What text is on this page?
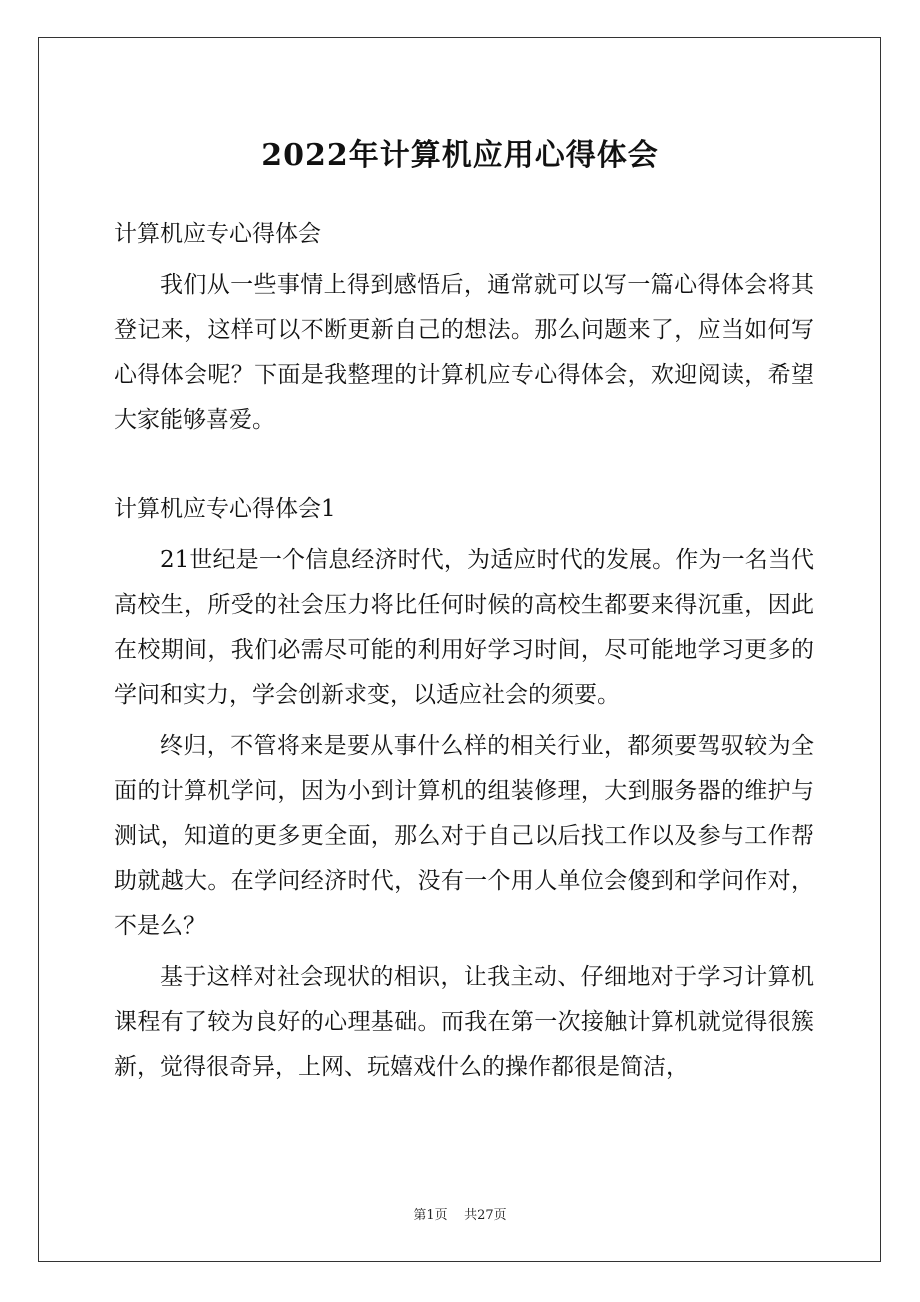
2022年计算机应用心得体会

计算机应专心得体会

我们从一些事情上得到感悟后，通常就可以写一篇心得体会将其登记来，这样可以不断更新自己的想法。那么问题来了，应当如何写心得体会呢？下面是我整理的计算机应专心得体会，欢迎阅读，希望大家能够喜爱。

计算机应专心得体会1

21世纪是一个信息经济时代，为适应时代的发展。作为一名当代高校生，所受的社会压力将比任何时候的高校生都要来得沉重，因此在校期间，我们必需尽可能的利用好学习时间，尽可能地学习更多的学问和实力，学会创新求变，以适应社会的须要。

终归，不管将来是要从事什么样的相关行业，都须要驾驭较为全面的计算机学问，因为小到计算机的组装修理，大到服务器的维护与测试，知道的更多更全面，那么对于自己以后找工作以及参与工作帮助就越大。在学问经济时代，没有一个用人单位会傻到和学问作对，不是么？

基于这样对社会现状的相识，让我主动、仔细地对于学习计算机课程有了较为良好的心理基础。而我在第一次接触计算机就觉得很簇新，觉得很奇异，上网、玩嬉戏什么的操作都很是简洁，

第1页 共27页
